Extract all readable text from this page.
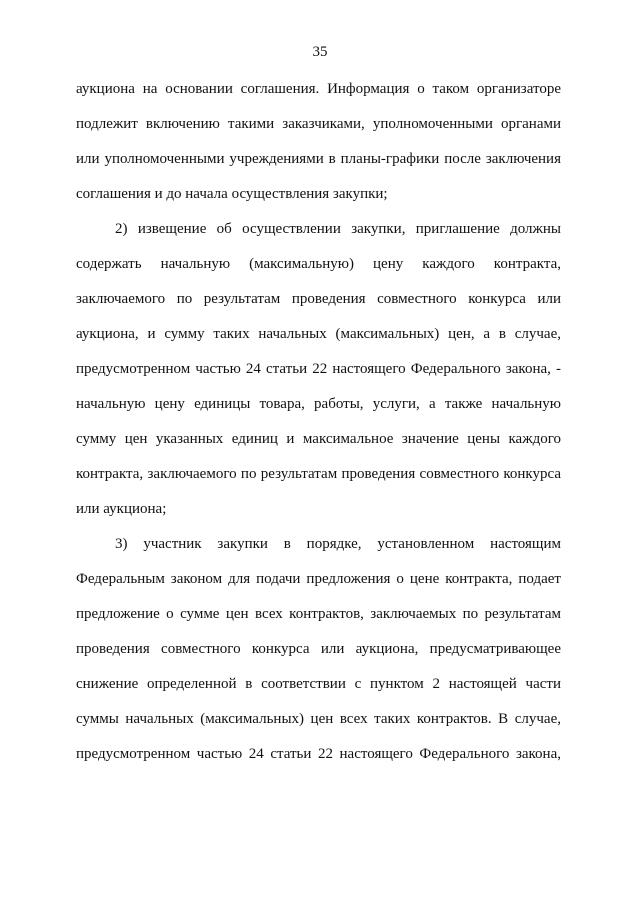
35
аукциона на основании соглашения. Информация о таком организаторе
подлежит включению такими заказчиками, уполномоченными органами
или уполномоченными учреждениями в планы-графики после заключения
соглашения и до начала осуществления закупки;
2) извещение об осуществлении закупки, приглашение должны
содержать начальную (максимальную) цену каждого контракта,
заключаемого по результатам проведения совместного конкурса или
аукциона, и сумму таких начальных (максимальных) цен, а в случае,
предусмотренном частью 24 статьи 22 настоящего Федерального закона, -
начальную цену единицы товара, работы, услуги, а также начальную
сумму цен указанных единиц и максимальное значение цены каждого
контракта, заключаемого по результатам проведения совместного конкурса
или аукциона;
3) участник закупки в порядке, установленном настоящим
Федеральным законом для подачи предложения о цене контракта, подает
предложение о сумме цен всех контрактов, заключаемых по результатам
проведения совместного конкурса или аукциона, предусматривающее
снижение определенной в соответствии с пунктом 2 настоящей части
суммы начальных (максимальных) цен всех таких контрактов. В случае,
предусмотренном частью 24 статьи 22 настоящего Федерального закона,
